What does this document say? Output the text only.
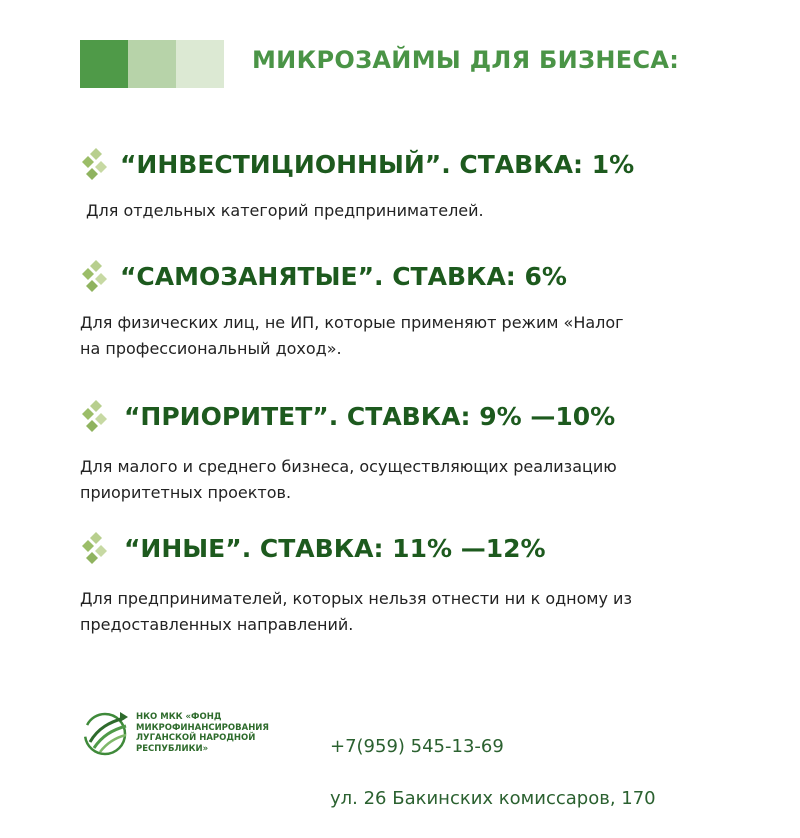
МИКРОЗАЙМЫ ДЛЯ БИЗНЕСА:
“ИНВЕСТИЦИОННЫЙ”. СТАВКА: 1%
Для отдельных категорий предпринимателей.
“САМОЗАНЯТЫЕ”. СТАВКА: 6%
Для физических лиц, не ИП, которые применяют режим «Налог
на профессиональный доход».
“ПРИОРИТЕТ”. СТАВКА: 9% —10%
Для малого и среднего бизнеса, осуществляющих реализацию
приоритетных проектов.
“ИНЫЕ”. СТАВКА: 11% —12%
Для предпринимателей, которых нельзя отнести ни к одному из
предоставленных направлений.
НКО МКК «ФОНД
МИКРОФИНАНСИРОВАНИЯ
ЛУГАНСКОЙ НАРОДНОЙ
РЕСПУБЛИКИ»	+7(959) 545-13-69

ул. 26 Бакинских комиссаров, 170
